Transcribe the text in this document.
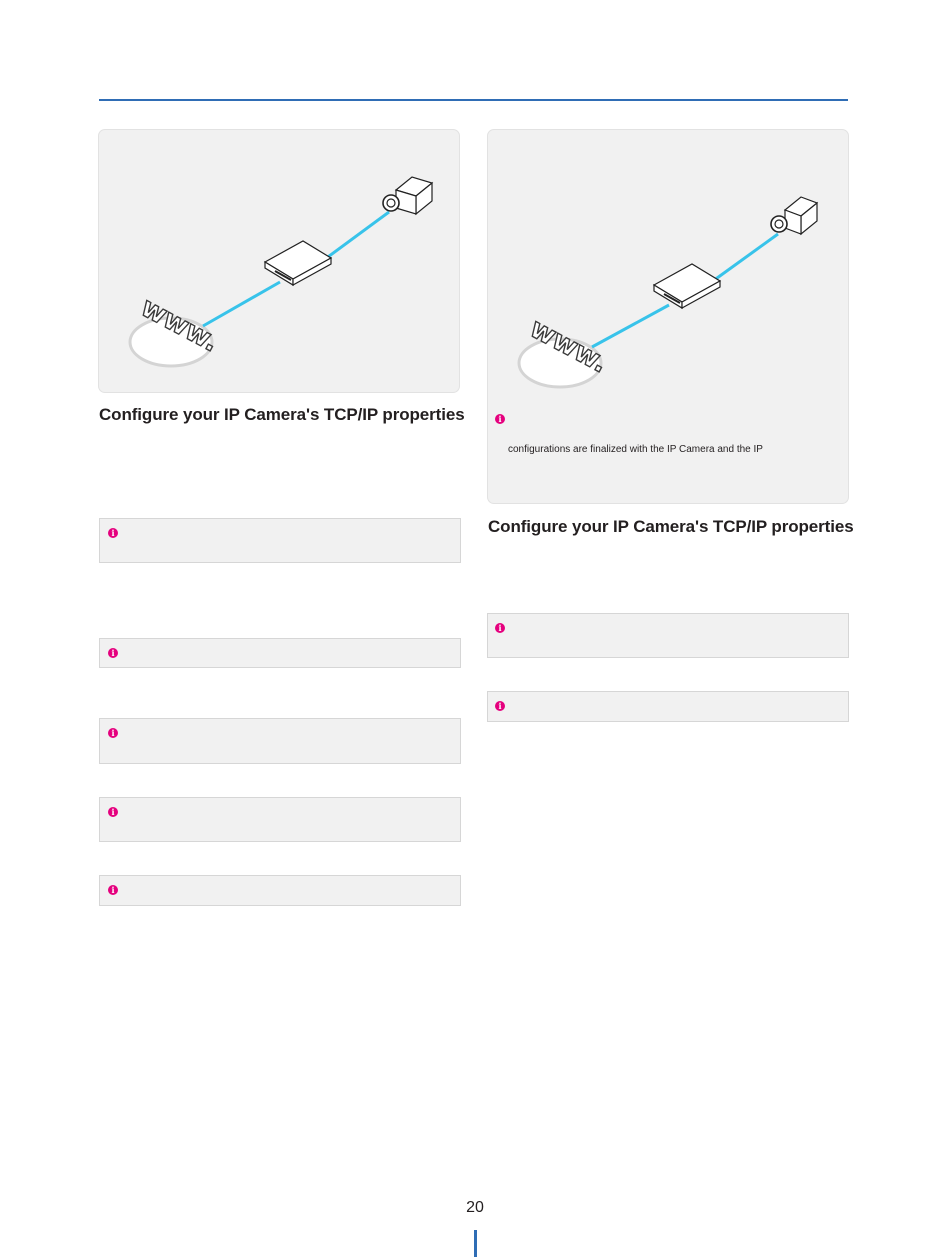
www.
Configure your IP Camera's TCP/IP properties
i
i
i
i
i
www.
i
configurations are finalized with the IP Camera and the IP
Configure your IP Camera's TCP/IP properties
i
i
20
